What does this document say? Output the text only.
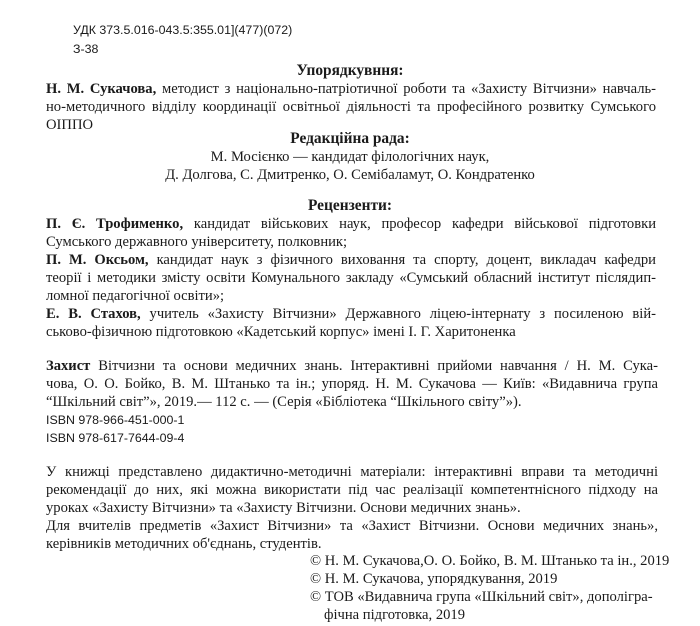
УДК 373.5.016-043.5:355.01](477)(072)
З-38
Упорядкувння:
Н. М. Сукачова, методист з національно-патріотичної роботи та «Захисту Вітчизни» навчаль-
но-методичного відділу координації освітньої діяльності та професійного розвитку Сумського ОІППО
Редакційна рада:
М. Мосієнко — кандидат філологічних наук,
Д. Долгова, С. Дмитренко, О. Семібаламут, О. Кондратенко
Рецензенти:
П. Є. Трофименко, кандидат військових наук, професор кафедри військової підготовки
Сумського державного університету, полковник;
П. М. Оксьом, кандидат наук з фізичного виховання та спорту, доцент, викладач кафедри
теорії і методики змісту освіти Комунального закладу «Сумський обласний інститут післядип-
ломної педагогічної освіти»;
Е. В. Стахов, учитель «Захисту Вітчизни» Державного ліцею-інтернату з посиленою вій-
ськово-фізичною підготовкою «Кадетський корпус» імені І. Г. Харитоненка
Захист Вітчизни та основи медичних знань. Інтерактивні прийоми навчання / Н. М. Сука-
чова, О. О. Бойко, В. М. Штанько та ін.; упоряд. Н. М. Сукачова — Київ: «Видавнича група
“Шкільний світ”», 2019.— 112 с. — (Серія «Бібліотека “Шкільного світу”»).
ISBN 978-966-451-000-1
ISBN 978-617-7644-09-4
У книжці представлено дидактично-методичні матеріали: інтерактивні вправи та методичні
рекомендації до них, які можна використати під час реалізації компетентнісного підходу на
уроках «Захисту Вітчизни» та «Захисту Вітчизни. Основи медичних знань».
Для вчителів предметів «Захист Вітчизни» та «Захист Вітчизни. Основи медичних знань»,
керівників методичних об'єднань, студентів.
© Н. М. Сукачова,О. О. Бойко, В. М. Штанько та ін., 2019
© Н. М. Сукачова, упорядкування, 2019
© ТОВ «Видавнича група «Шкільний світ», дополігра-
фічна підготовка, 2019
